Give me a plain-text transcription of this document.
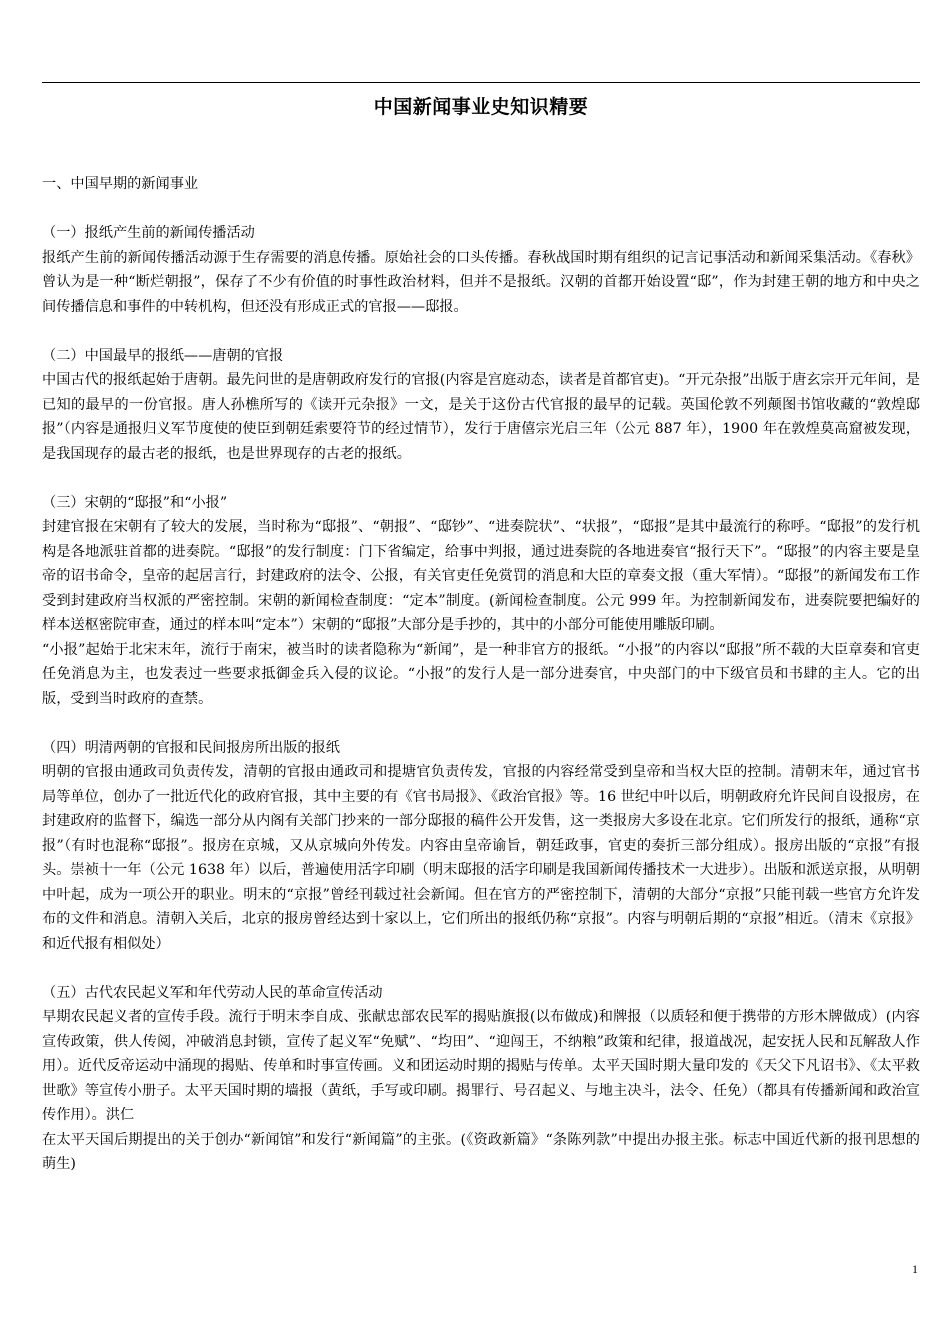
中国新闻事业史知识精要

一、中国早期的新闻事业

（一）报纸产生前的新闻传播活动

报纸产生前的新闻传播活动源于生存需要的消息传播。原始社会的口头传播。春秋战国时期有组织的记言记事活动和新闻采集活动。《春秋》曾认为是一种“断烂朝报”，保存了不少有价值的时事性政治材料，但并不是报纸。汉朝的首都开始设置“邸”，作为封建王朝的地方和中央之间传播信息和事件的中转机构，但还没有形成正式的官报——邸报。

（二）中国最早的报纸——唐朝的官报

中国古代的报纸起始于唐朝。最先问世的是唐朝政府发行的官报(内容是宫庭动态，读者是首都官吏)。“开元杂报”出版于唐玄宗开元年间，是已知的最早的一份官报。唐人孙樵所写的《读开元杂报》一文，是关于这份古代官报的最早的记载。英国伦敦不列颠图书馆收藏的“敦煌邸报”（内容是通报归义军节度使的使臣到朝廷索要符节的经过情节），发行于唐僖宗光启三年（公元 887 年），1900 年在敦煌莫高窟被发现，是我国现存的最古老的报纸，也是世界现存的古老的报纸。

（三）宋朝的“邸报”和“小报”

封建官报在宋朝有了较大的发展，当时称为“邸报”、“朝报”、“邸钞”、“进奏院状”、“状报”，“邸报”是其中最流行的称呼。“邸报”的发行机构是各地派驻首都的进奏院。“邸报”的发行制度：门下省编定，给事中判报，通过进奏院的各地进奏官“报行天下”。“邸报”的内容主要是皇帝的诏书命令，皇帝的起居言行，封建政府的法令、公报，有关官吏任免赏罚的消息和大臣的章奏文报（重大军情）。“邸报”的新闻发布工作受到封建政府当权派的严密控制。宋朝的新闻检查制度：“定本”制度。(新闻检查制度。公元 999 年。为控制新闻发布，进奏院要把编好的样本送枢密院审查，通过的样本叫“定本”）宋朝的“邸报”大部分是手抄的，其中的小部分可能使用雕版印刷。

“小报”起始于北宋末年，流行于南宋，被当时的读者隐称为“新闻”，是一种非官方的报纸。“小报”的内容以“邸报”所不载的大臣章奏和官吏任免消息为主，也发表过一些要求抵御金兵入侵的议论。“小报”的发行人是一部分进奏官，中央部门的中下级官员和书肆的主人。它的出版，受到当时政府的查禁。

（四）明清两朝的官报和民间报房所出版的报纸

明朝的官报由通政司负责传发，清朝的官报由通政司和提塘官负责传发，官报的内容经常受到皇帝和当权大臣的控制。清朝末年，通过官书局等单位，创办了一批近代化的政府官报，其中主要的有《官书局报》、《政治官报》等。16 世纪中叶以后，明朝政府允许民间自设报房，在封建政府的监督下，编选一部分从内阁有关部门抄来的一部分邸报的稿件公开发售，这一类报房大多设在北京。它们所发行的报纸，通称“京报”（有时也混称“邸报”。报房在京城，又从京城向外传发。内容由皇帝谕旨，朝廷政事，官吏的奏折三部分组成）。报房出版的“京报”有报头。崇祯十一年（公元 1638 年）以后，普遍使用活字印刷（明末邸报的活字印刷是我国新闻传播技术一大进步）。出版和派送京报，从明朝中叶起，成为一项公开的职业。明末的“京报”曾经刊载过社会新闻。但在官方的严密控制下，清朝的大部分“京报”只能刊载一些官方允许发布的文件和消息。清朝入关后，北京的报房曾经达到十家以上，它们所出的报纸仍称“京报”。内容与明朝后期的“京报”相近。（清末《京报》和近代报有相似处）

（五）古代农民起义军和年代劳动人民的革命宣传活动

早期农民起义者的宣传手段。流行于明末李自成、张献忠部农民军的揭贴旗报(以布做成)和牌报（以质轻和便于携带的方形木牌做成）(内容宣传政策，供人传阅，冲破消息封锁，宣传了起义军“免赋”、“均田”、“迎闯王，不纳粮”政策和纪律，报道战况，起安抚人民和瓦解敌人作用）。近代反帝运动中涌现的揭贴、传单和时事宣传画。义和团运动时期的揭贴与传单。太平天国时期大量印发的《天父下凡诏书》、《太平救世歌》等宣传小册子。太平天国时期的墙报（黄纸，手写或印刷。揭罪行、号召起义、与地主决斗，法令、任免）（都具有传播新闻和政治宣传作用）。洪仁

在太平天国后期提出的关于创办“新闻馆”和发行“新闻篇”的主张。(《资政新篇》“条陈列款”中提出办报主张。标志中国近代新的报刊思想的萌生)

1
